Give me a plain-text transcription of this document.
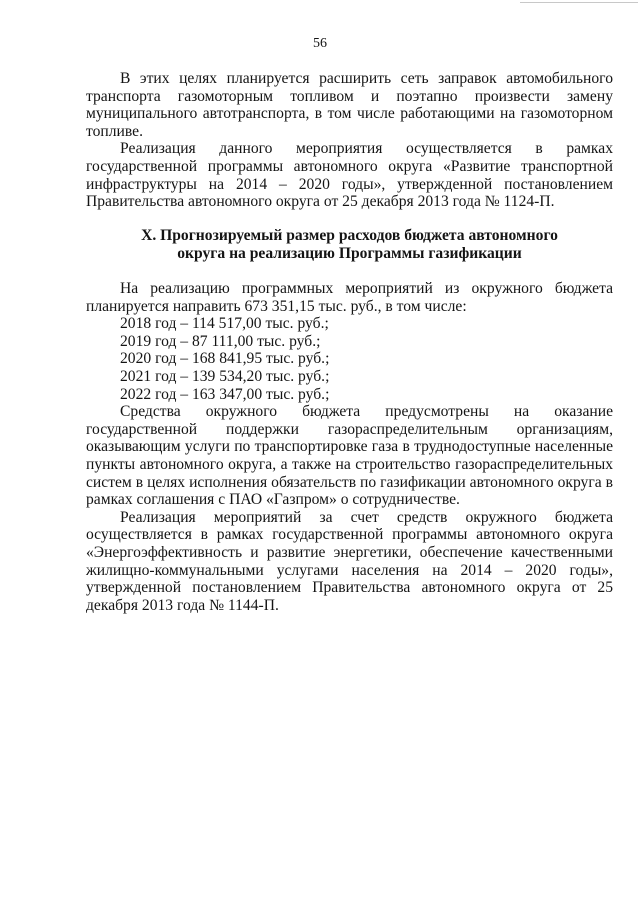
56

В этих целях планируется расширить сеть заправок автомобильного транспорта газомоторным топливом и поэтапно произвести замену муниципального автотранспорта, в том числе работающими на газомоторном топливе.

Реализация данного мероприятия осуществляется в рамках государственной программы автономного округа «Развитие транспортной инфраструктуры на 2014 – 2020 годы», утвержденной постановлением Правительства автономного округа от 25 декабря 2013 года № 1124-П.

X. Прогнозируемый размер расходов бюджета автономного
округа на реализацию Программы газификации

На реализацию программных мероприятий из окружного бюджета планируется направить 673 351,15 тыс. руб., в том числе:

2018 год – 114 517,00 тыс. руб.;

2019 год – 87 111,00 тыс. руб.;

2020 год – 168 841,95 тыс. руб.;

2021 год – 139 534,20 тыс. руб.;

2022 год – 163 347,00 тыс. руб.;

Средства окружного бюджета предусмотрены на оказание государственной поддержки газораспределительным организациям, оказывающим услуги по транспортировке газа в труднодоступные населенные пункты автономного округа, а также на строительство газораспределительных систем в целях исполнения обязательств по газификации автономного округа в рамках соглашения с ПАО «Газпром» о сотрудничестве.

Реализация мероприятий за счет средств окружного бюджета осуществляется в рамках государственной программы автономного округа «Энергоэффективность и развитие энергетики, обеспечение качественными жилищно-коммунальными услугами населения на 2014 – 2020 годы», утвержденной постановлением Правительства автономного округа от 25 декабря 2013 года № 1144-П.
